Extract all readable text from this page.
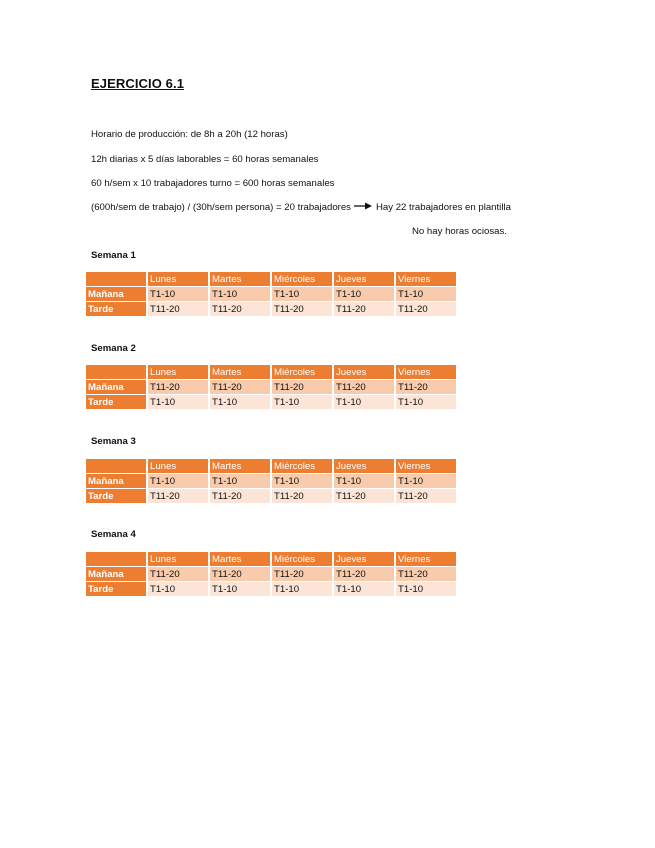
EJERCICIO 6.1
Horario de producción: de 8h a 20h (12 horas)
12h diarias x 5 días laborables = 60 horas semanales
60 h/sem x 10 trabajadores turno = 600 horas semanales
(600h/sem de trabajo) / (30h/sem persona) = 20 trabajadores	Hay 22 trabajadores en plantilla
No hay horas ociosas.
Semana 1
	Lunes	Martes	Miércoles	Jueves	Viernes
Mañana	T1-10	T1-10	T1-10	T1-10	T1-10
Tarde	T11-20	T11-20	T11-20	T11-20	T11-20
Semana 2
	Lunes	Martes	Miércoles	Jueves	Viernes
Mañana	T11-20	T11-20	T11-20	T11-20	T11-20
Tarde	T1-10	T1-10	T1-10	T1-10	T1-10
Semana 3
	Lunes	Martes	Miércoles	Jueves	Viernes
Mañana	T1-10	T1-10	T1-10	T1-10	T1-10
Tarde	T11-20	T11-20	T11-20	T11-20	T11-20
Semana 4
	Lunes	Martes	Miércoles	Jueves	Viernes
Mañana	T11-20	T11-20	T11-20	T11-20	T11-20
Tarde	T1-10	T1-10	T1-10	T1-10	T1-10
